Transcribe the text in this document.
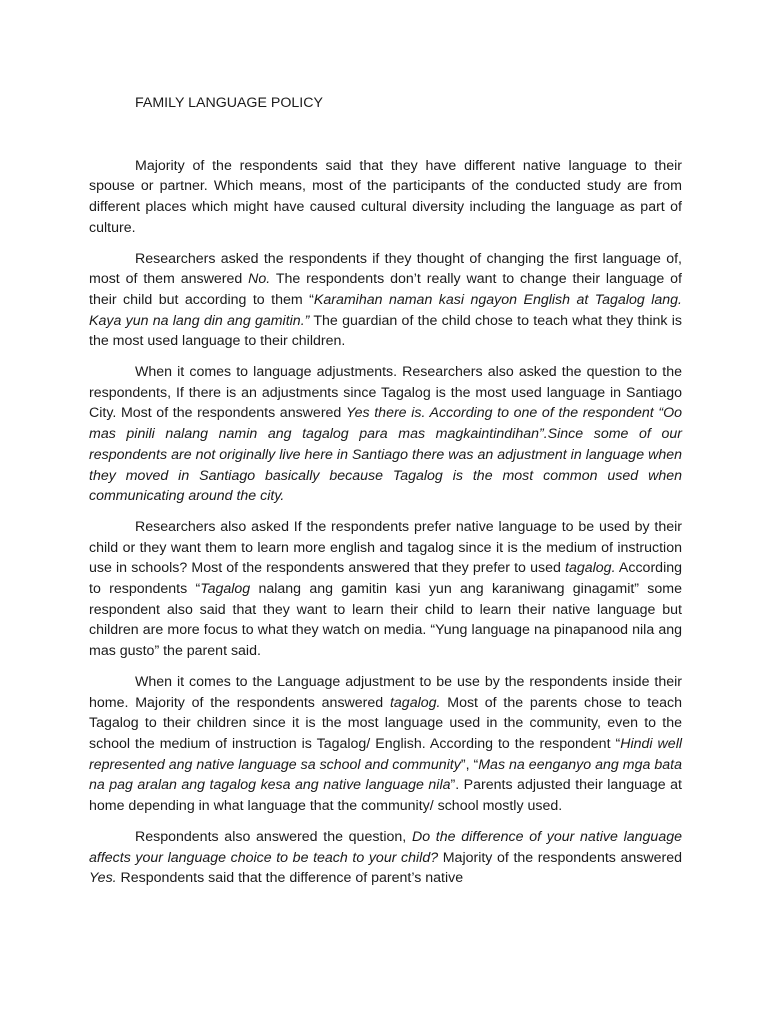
FAMILY LANGUAGE POLICY

Majority of the respondents said that they have different native language to their spouse or partner. Which means, most of the participants of the conducted study are from different places which might have caused cultural diversity including the language as part of culture.

Researchers asked the respondents if they thought of changing the first language of, most of them answered No. The respondents don’t really want to change their language of their child but according to them “Karamihan naman kasi ngayon English at Tagalog lang. Kaya yun na lang din ang gamitin.” The guardian of the child chose to teach what they think is the most used language to their children.

When it comes to language adjustments. Researchers also asked the question to the respondents, If there is an adjustments since Tagalog is the most used language in Santiago City. Most of the respondents answered Yes there is. According to one of the respondent “Oo mas pinili nalang namin ang tagalog para mas magkaintindihan”.Since some of our respondents are not originally live here in Santiago there was an adjustment in language when they moved in Santiago basically because Tagalog is the most common used when communicating around the city.

Researchers also asked If the respondents prefer native language to be used by their child or they want them to learn more english and tagalog since it is the medium of instruction use in schools? Most of the respondents answered that they prefer to used tagalog. According to respondents “Tagalog nalang ang gamitin kasi yun ang karaniwang ginagamit” some respondent also said that they want to learn their child to learn their native language but children are more focus to what they watch on media. “Yung language na pinapanood nila ang mas gusto” the parent said.

When it comes to the Language adjustment to be use by the respondents inside their home. Majority of the respondents answered tagalog. Most of the parents chose to teach Tagalog to their children since it is the most language used in the community, even to the school the medium of instruction is Tagalog/ English. According to the respondent “Hindi well represented ang native language sa school and community”, “Mas na eenganyo ang mga bata na pag aralan ang tagalog kesa ang native language nila”. Parents adjusted their language at home depending in what language that the community/ school mostly used.

Respondents also answered the question, Do the difference of your native language affects your language choice to be teach to your child? Majority of the respondents answered Yes. Respondents said that the difference of parent’s native
